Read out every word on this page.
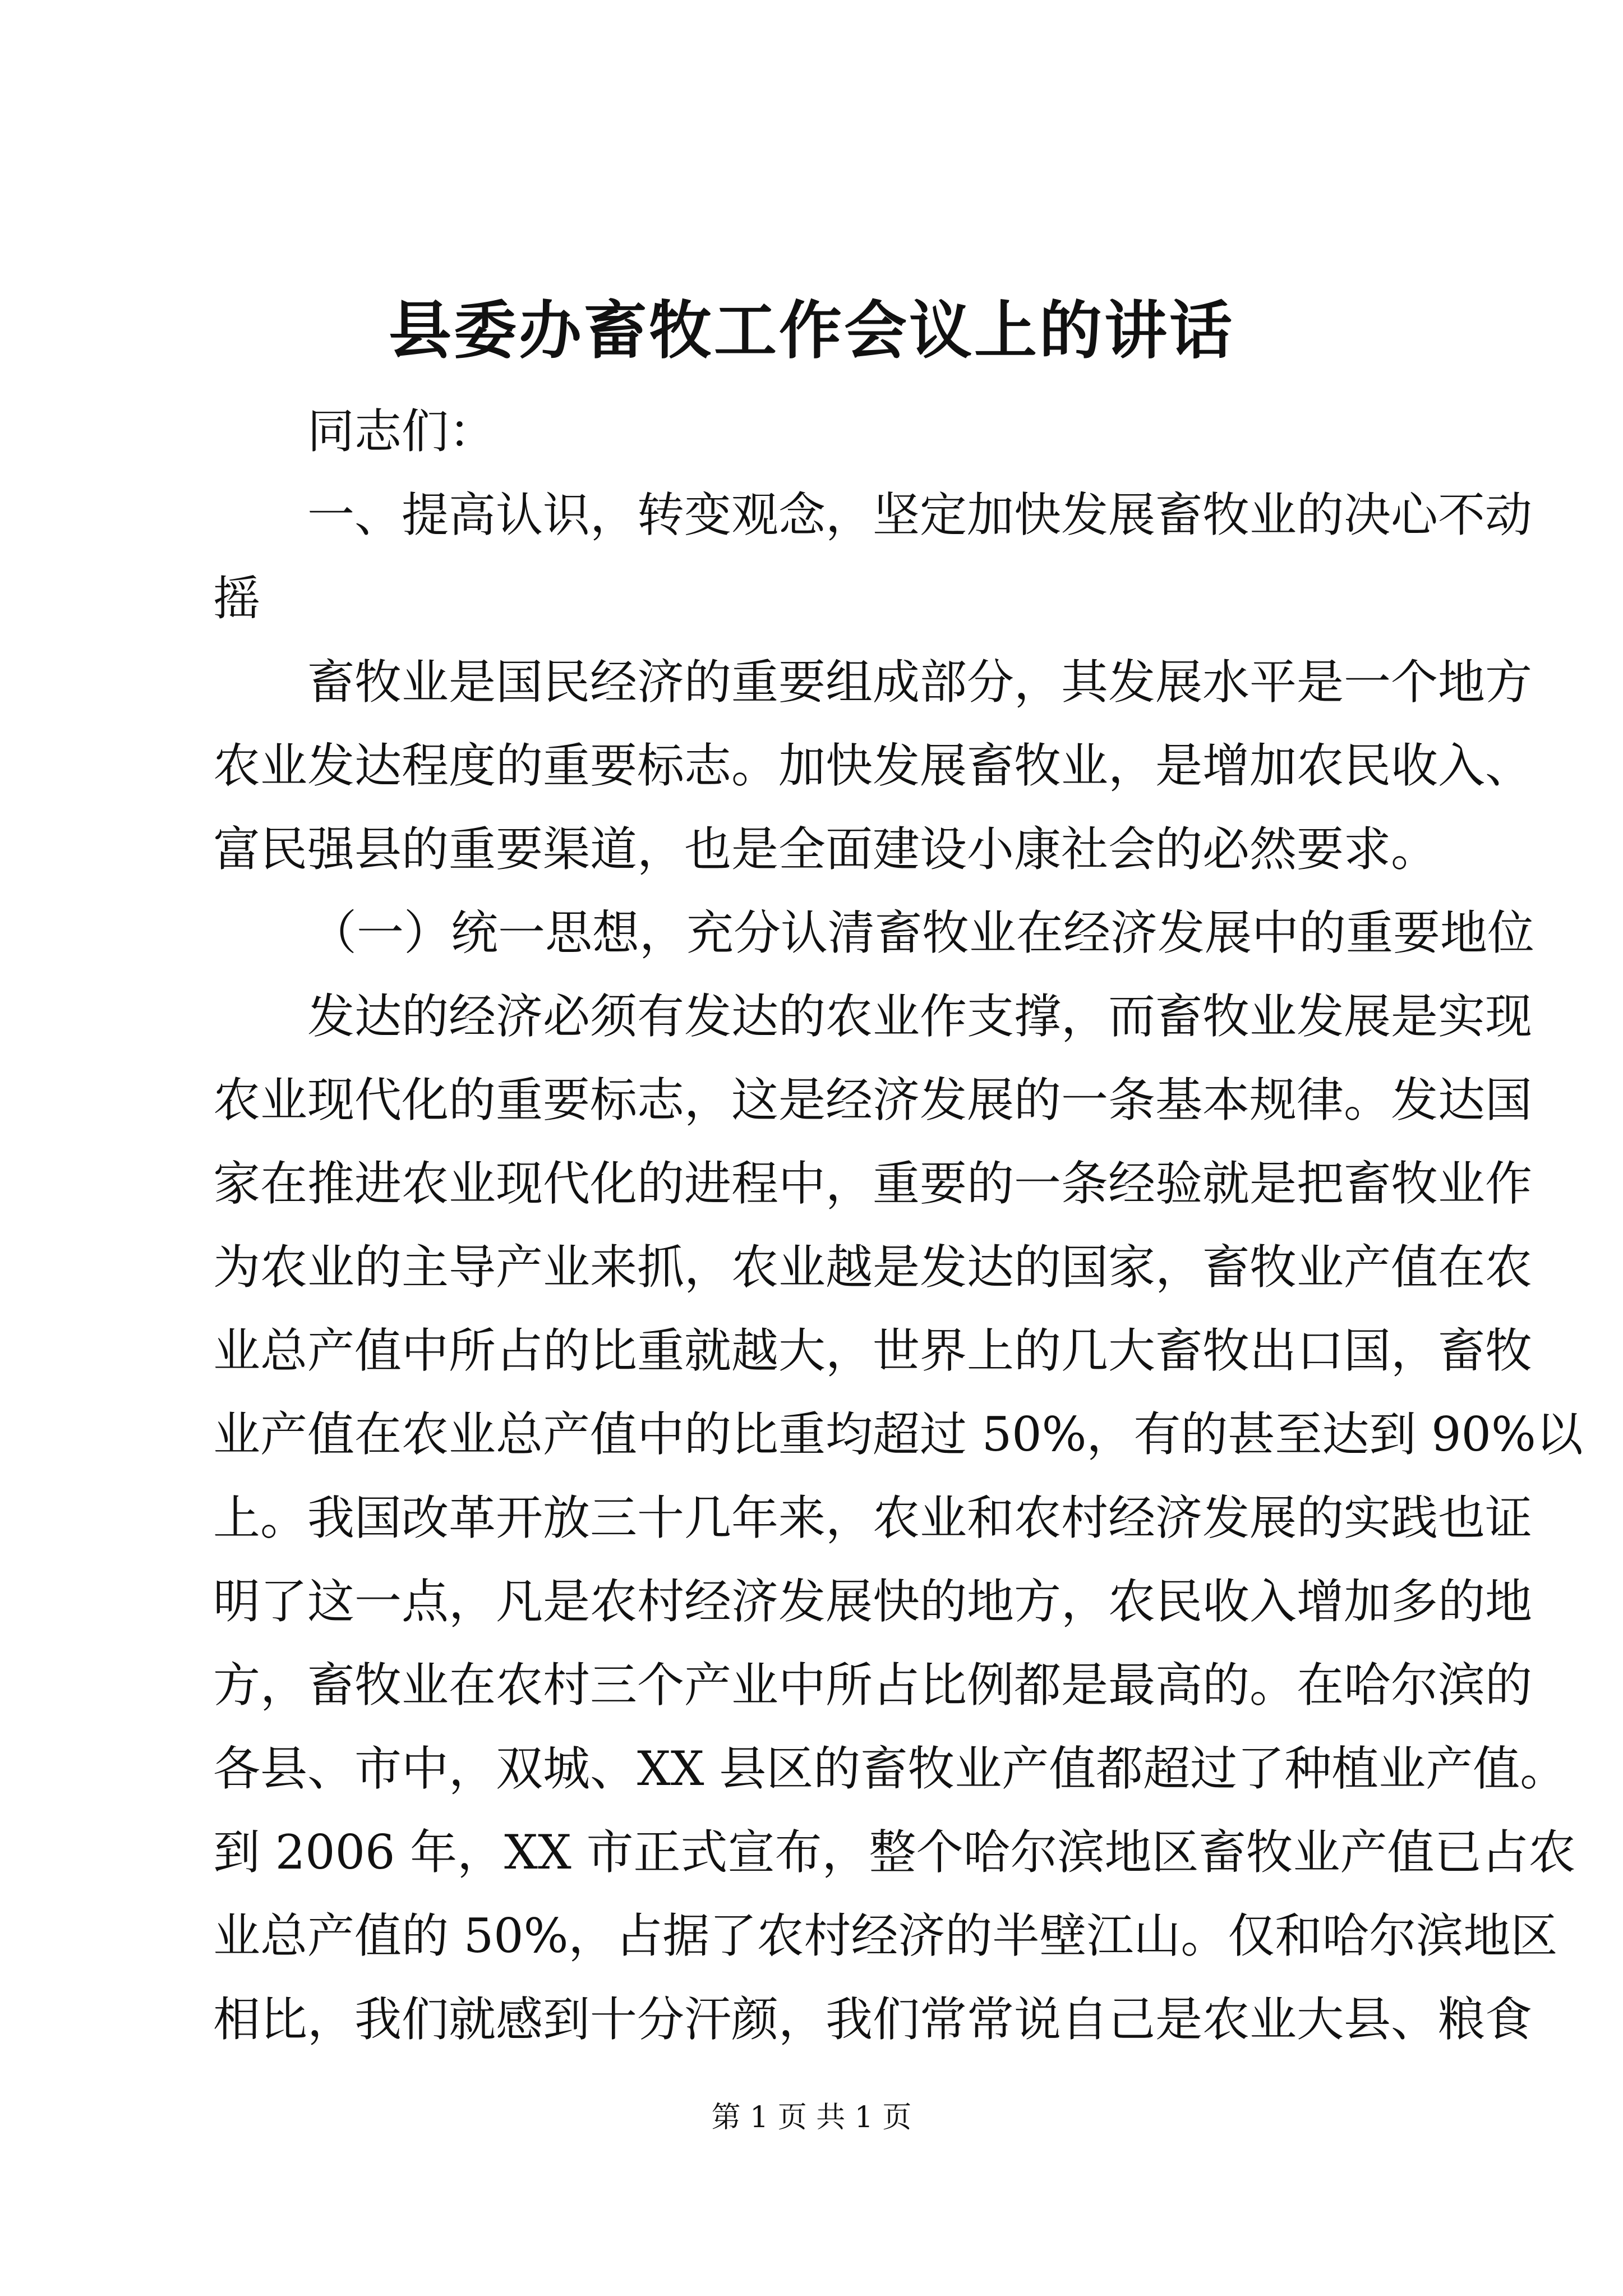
县委办畜牧工作会议上的讲话
同志们：
一、提高认识，转变观念，坚定加快发展畜牧业的决心不动
摇
畜牧业是国民经济的重要组成部分，其发展水平是一个地方
农业发达程度的重要标志。加快发展畜牧业，是增加农民收入、
富民强县的重要渠道，也是全面建设小康社会的必然要求。
（一）统一思想，充分认清畜牧业在经济发展中的重要地位
发达的经济必须有发达的农业作支撑，而畜牧业发展是实现
农业现代化的重要标志，这是经济发展的一条基本规律。发达国
家在推进农业现代化的进程中，重要的一条经验就是把畜牧业作
为农业的主导产业来抓，农业越是发达的国家，畜牧业产值在农
业总产值中所占的比重就越大，世界上的几大畜牧出口国，畜牧
业产值在农业总产值中的比重均超过 50%，有的甚至达到 90%以
上。我国改革开放三十几年来，农业和农村经济发展的实践也证
明了这一点，凡是农村经济发展快的地方，农民收入增加多的地
方，畜牧业在农村三个产业中所占比例都是最高的。在哈尔滨的
各县、市中，双城、XX 县区的畜牧业产值都超过了种植业产值。
到 2006 年，XX 市正式宣布，整个哈尔滨地区畜牧业产值已占农
业总产值的 50%，占据了农村经济的半壁江山。仅和哈尔滨地区
相比，我们就感到十分汗颜，我们常常说自己是农业大县、粮食
第 1 页 共 1 页
